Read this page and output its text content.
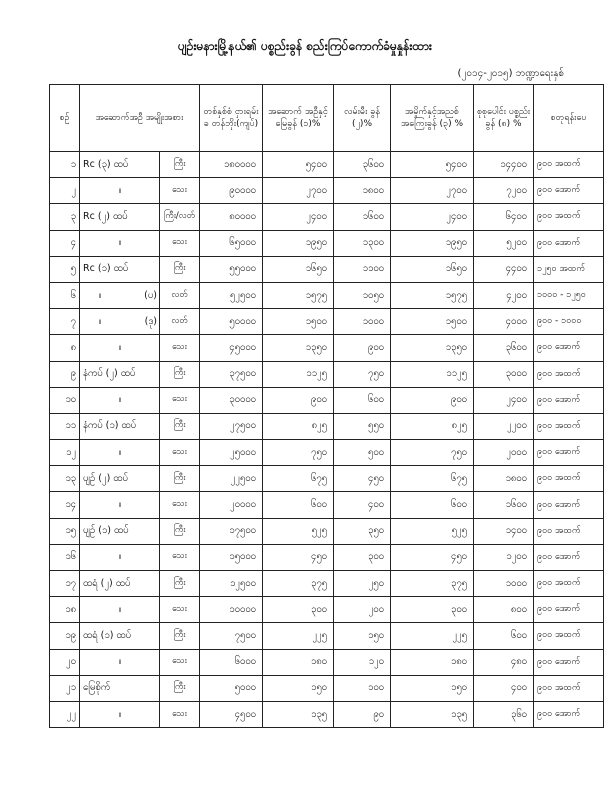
ပျဉ်းမနားမြို့နယ်၏ ပစ္စည်းခွန် စည်းကြပ်ကောက်ခံမှုနှုန်းထား
(၂၀၁၄-၂၀၁၅) ဘဏ္ဍာရေးနှစ်
စဉ်	အဆောက်အဦ အမျိုးအစား		တစ်နှစ်စံ ငှားရမ်းခ တန်ဘိုး(ကျပ်)	အဆောက် အဦနှင့်မြေခွန် (၁)%	လမ်းမီး ခွန် (၂)%	အမှိုက်နှင့်အညစ် အကြေးခွန် (၃) %	စုစုပေါင်း ပစ္စည်းခွန် (၈) %	စတုရန်းပေ
၁	Rc (၃) ထပ်	ကြီး	၁၈၀၀၀၀	၅၄၀၀	၃၆၀၀	၅၄၀၀	၁၄၄၀၀	၉၀၀ အထက်
၂	။	သေး	၉၀၀၀၀	၂၇၀၀	၁၈၀၀	၂၇၀၀	၇၂၀၀	၉၀၀ အောက်
၃	Rc (၂) ထပ်	ကြီး/လတ်	၈၀၀၀၀	၂၄၀၀	၁၆၀၀	၂၄၀၀	၆၄၀၀	၉၀၀ အထက်
၄	။	သေး	၆၅၀၀၀	၁၉၅၀	၁၃၀၀	၁၉၅၀	၅၂၀၀	၉၀၀ အောက်
၅	Rc (၁) ထပ်	ကြီး	၅၅၀၀၀	၁၆၅၀	၁၁၀၀	၁၆၅၀	၄၄၀၀	၁၂၅၀ အထက်
၆	။ (ပ)	လတ်	၅၂၅၀၀	၁၅၇၅	၁၀၅၀	၁၅၇၅	၄၂၀၀	၁၀၀၀ - ၁၂၅၀
၇	။ (ဒု)	လတ်	၅၀၀၀၀	၁၅၀၀	၁၀၀၀	၁၅၀၀	၄၀၀၀	၉၀၀ - ၁၀၀၀
၈	။	သေး	၄၅၀၀၀	၁၃၅၀	၉၀၀	၁၃၅၀	၃၆၀၀	၉၀၀ အောက်
၉	နံကပ် (၂) ထပ်	ကြီး	၃၇၅၀၀	၁၁၂၅	၇၅၀	၁၁၂၅	၃၀၀၀	၉၀၀ အထက်
၁၀	။	သေး	၃၀၀၀၀	၉၀၀	၆၀၀	၉၀၀	၂၄၀၀	၉၀၀ အောက်
၁၁	နံကပ် (၁) ထပ်	ကြီး	၂၇၅၀၀	၈၂၅	၅၅၀	၈၂၅	၂၂၀၀	၉၀၀ အထက်
၁၂	။	သေး	၂၅၀၀၀	၇၅၀	၅၀၀	၇၅၀	၂၀၀၀	၉၀၀ အောက်
၁၃	ပျဉ် (၂) ထပ်	ကြီး	၂၂၅၀၀	၆၇၅	၄၅၀	၆၇၅	၁၈၀၀	၉၀၀ အထက်
၁၄	။	သေး	၂၀၀၀၀	၆၀၀	၄၀၀	၆၀၀	၁၆၀၀	၉၀၀ အောက်
၁၅	ပျဉ် (၁) ထပ်	ကြီး	၁၇၅၀၀	၅၂၅	၃၅၀	၅၂၅	၁၄၀၀	၉၀၀ အထက်
၁၆	။	သေး	၁၅၀၀၀	၄၅၀	၃၀၀	၄၅၀	၁၂၀၀	၉၀၀ အောက်
၁၇	ထရံ (၂) ထပ်	ကြီး	၁၂၅၀၀	၃၇၅	၂၅၀	၃၇၅	၁၀၀၀	၉၀၀ အထက်
၁၈	။	သေး	၁၀၀၀၀	၃၀၀	၂၀၀	၃၀၀	၈၀၀	၉၀၀ အောက်
၁၉	ထရံ (၁) ထပ်	ကြီး	၇၅၀၀	၂၂၅	၁၅၀	၂၂၅	၆၀၀	၉၀၀ အထက်
၂၀	။	သေး	၆၀၀၀	၁၈၀	၁၂၀	၁၈၀	၄၈၀	၉၀၀ အောက်
၂၁	မြေစိုက်	ကြီး	၅၀၀၀	၁၅၀	၁၀၀	၁၅၀	၄၀၀	၉၀၀ အထက်
၂၂	။	သေး	၄၅၀၀	၁၃၅	၉၀	၁၃၅	၃၆၀	၉၀၀ အောက်
